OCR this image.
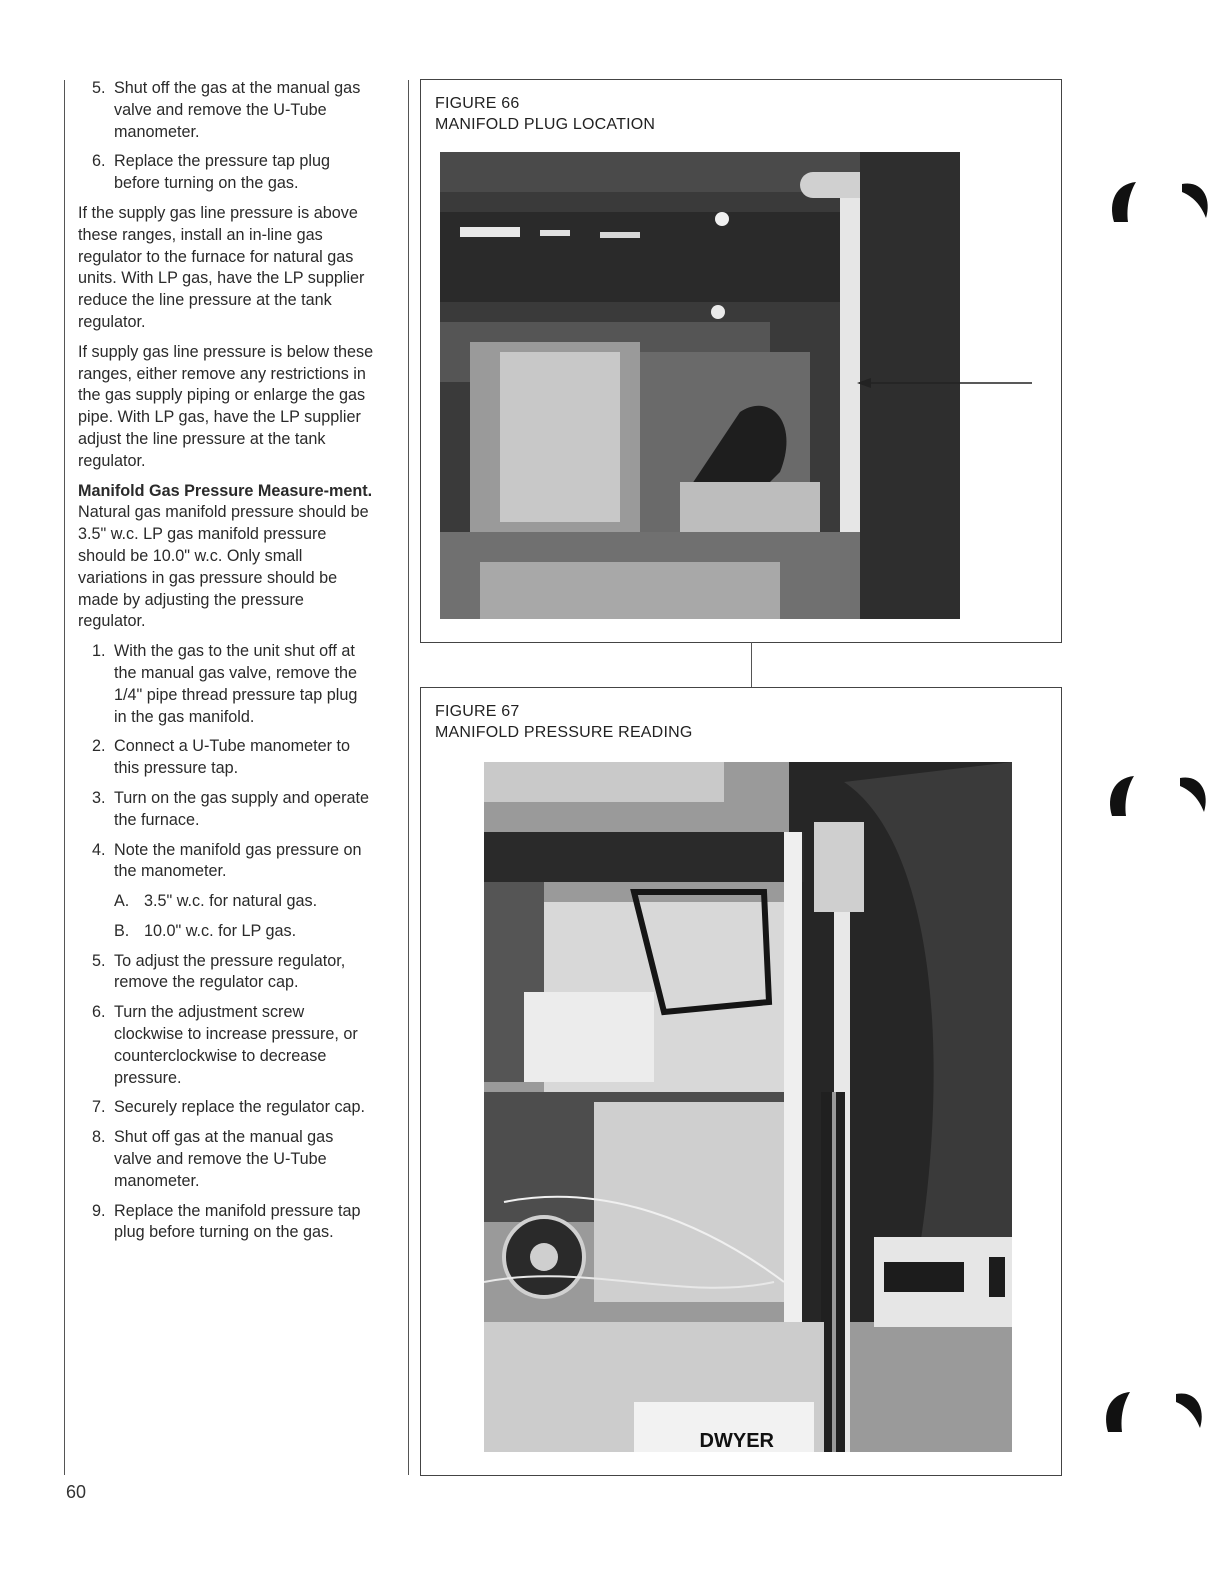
5. Shut off the gas at the manual gas valve and remove the U-Tube manometer.
6. Replace the pressure tap plug before turning on the gas.

If the supply gas line pressure is above these ranges, install an in-line gas regulator to the furnace for natural gas units. With LP gas, have the LP supplier reduce the line pressure at the tank regulator.

If supply gas line pressure is below these ranges, either remove any restrictions in the gas supply piping or enlarge the gas pipe. With LP gas, have the LP supplier adjust the line pressure at the tank regulator.

Manifold Gas Pressure Measure-ment. Natural gas manifold pressure should be 3.5" w.c. LP gas manifold pressure should be 10.0" w.c. Only small variations in gas pressure should be made by adjusting the pressure regulator.

1. With the gas to the unit shut off at the manual gas valve, remove the 1/4" pipe thread pressure tap plug in the gas manifold.
2. Connect a U-Tube manometer to this pressure tap.
3. Turn on the gas supply and operate the furnace.
4. Note the manifold gas pressure on the manometer.
A. 3.5" w.c. for natural gas.
B. 10.0" w.c. for LP gas.
5. To adjust the pressure regulator, remove the regulator cap.
6. Turn the adjustment screw clockwise to increase pressure, or counterclockwise to decrease pressure.
7. Securely replace the regulator cap.
8. Shut off gas at the manual gas valve and remove the U-Tube manometer.
9. Replace the manifold pressure tap plug before turning on the gas.
FIGURE 66
MANIFOLD PLUG LOCATION
FIGURE 67
MANIFOLD PRESSURE READING
DWYER
60
